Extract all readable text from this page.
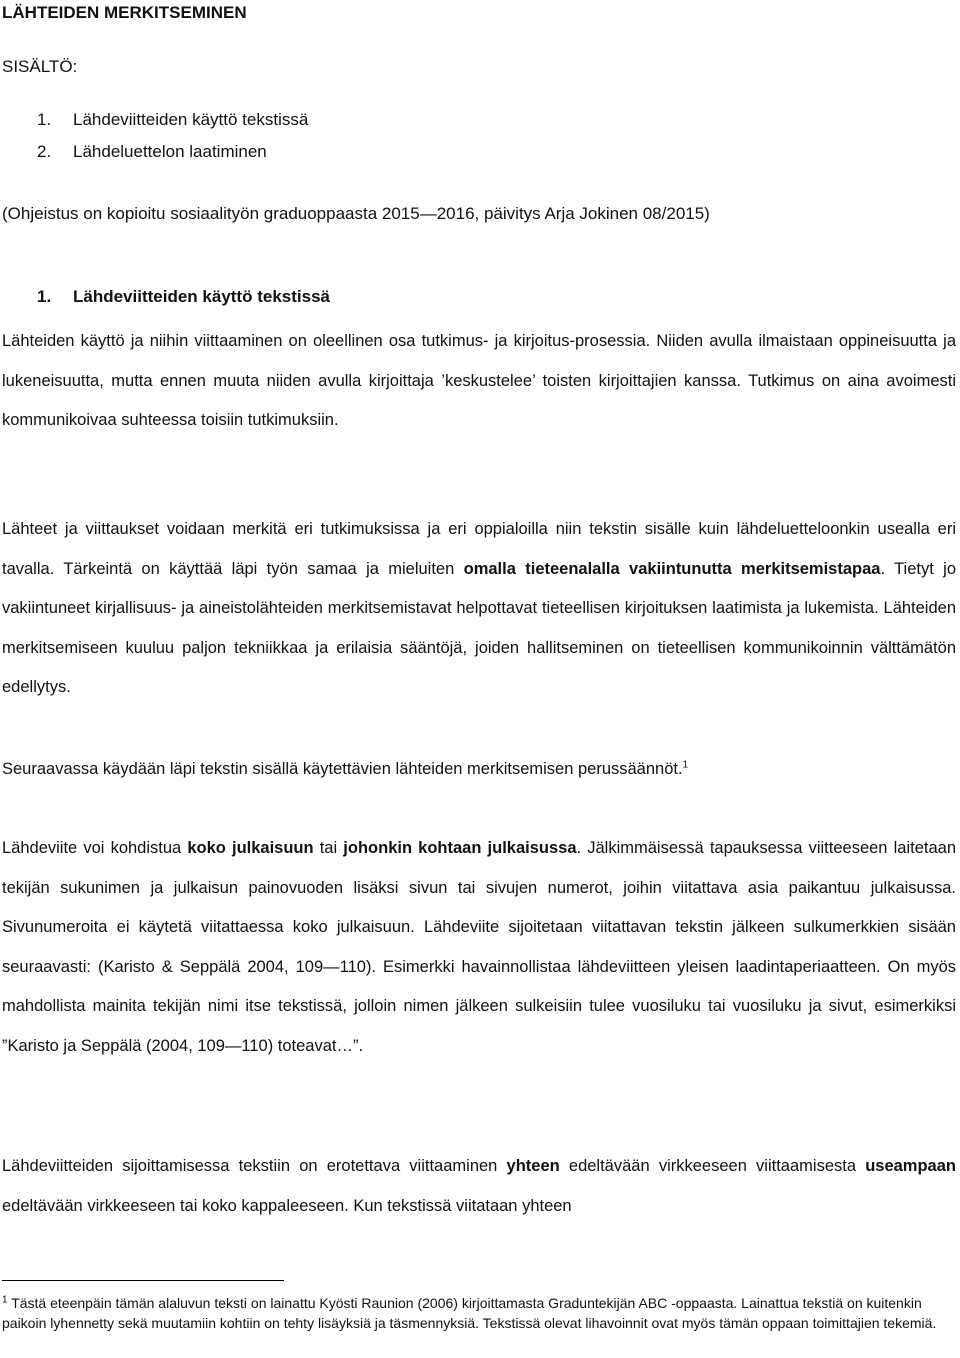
LÄHTEIDEN MERKITSEMINEN

SISÄLTÖ:

1.	Lähdeviitteiden käyttö tekstissä
2.	Lähdeluettelon laatiminen

(Ohjeistus on kopioitu sosiaalityön graduoppaasta 2015—2016, päivitys Arja Jokinen 08/2015)

1.	Lähdeviitteiden käyttö tekstissä

Lähteiden käyttö ja niihin viittaaminen on oleellinen osa tutkimus- ja kirjoitus-prosessia. Niiden avulla ilmaistaan oppineisuutta ja lukeneisuutta, mutta ennen muuta niiden avulla kirjoittaja ’keskustelee’ toisten kirjoittajien kanssa. Tutkimus on aina avoimesti kommunikoivaa suhteessa toisiin tutkimuksiin.

Lähteet ja viittaukset voidaan merkitä eri tutkimuksissa ja eri oppialoilla niin tekstin sisälle kuin lähdeluetteloonkin usealla eri tavalla. Tärkeintä on käyttää läpi työn samaa ja mieluiten omalla tieteenalalla vakiintunutta merkitsemistapaa. Tietyt jo vakiintuneet kirjallisuus- ja aineistolähteiden merkitsemistavat helpottavat tieteellisen kirjoituksen laatimista ja lukemista. Lähteiden merkitsemiseen kuuluu paljon tekniikkaa ja erilaisia sääntöjä, joiden hallitseminen on tieteellisen kommunikoinnin välttämätön edellytys.

Seuraavassa käydään läpi tekstin sisällä käytettävien lähteiden merkitsemisen perussäännöt.$^1$

Lähdeviite voi kohdistua koko julkaisuun tai johonkin kohtaan julkaisussa. Jälkimmäisessä tapauksessa viitteeseen laitetaan tekijän sukunimen ja julkaisun painovuoden lisäksi sivun tai sivujen numerot, joihin viitattava asia paikantuu julkaisussa. Sivunumeroita ei käytetä viitattaessa koko julkaisuun. Lähdeviite sijoitetaan viitattavan tekstin jälkeen sulkumerkkien sisään seuraavasti: (Karisto & Seppälä 2004, 109—110). Esimerkki havainnollistaa lähdeviitteen yleisen laadintaperiaatteen. On myös mahdollista mainita tekijän nimi itse tekstissä, jolloin nimen jälkeen sulkeisiin tulee vuosiluku tai vuosiluku ja sivut, esimerkiksi ”Karisto ja Seppälä (2004, 109—110) toteavat…”.

Lähdeviitteiden sijoittamisessa tekstiin on erotettava viittaaminen yhteen edeltävään virkkeeseen viittaamisesta useampaan edeltävään virkkeeseen tai koko kappaleeseen. Kun tekstissä viitataan yhteen

$^1$ Tästä eteenpäin tämän alaluvun teksti on lainattu Kyösti Raunion (2006) kirjoittamasta Graduntekijän ABC -oppaasta. Lainattua tekstiä on kuitenkin paikoin lyhennetty sekä muutamiin kohtiin on tehty lisäyksiä ja täsmennyksiä. Tekstissä olevat lihavoinnit ovat myös tämän oppaan toimittajien tekemiä.
